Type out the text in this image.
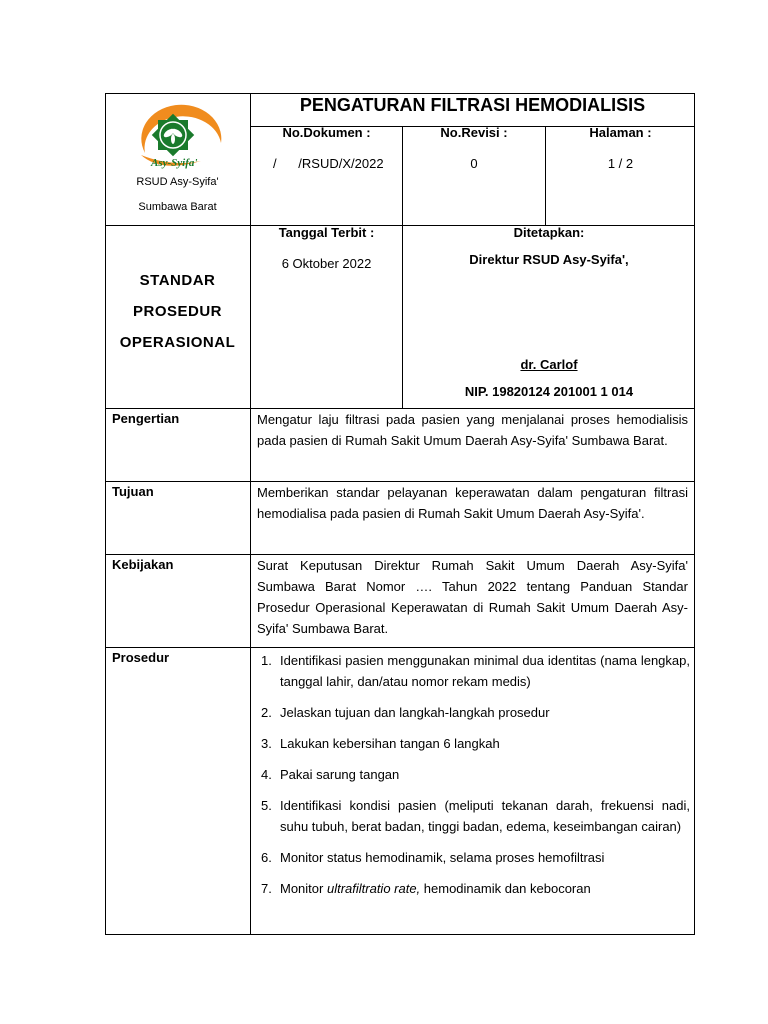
Asy-Syifa'
RSUD Asy-Syifa'
Sumbawa Barat
PENGATURAN FILTRASI HEMODIALISIS
No.Dokumen :
/      /RSUD/X/2022
No.Revisi :
0
Halaman :
1 / 2
STANDAR
PROSEDUR
OPERASIONAL
Tanggal Terbit :
6 Oktober 2022
Ditetapkan:
Direktur RSUD Asy-Syifa',
dr. Carlof
NIP. 19820124 201001 1 014
Pengertian	Mengatur laju filtrasi pada pasien yang menjalanai proses hemodialisis pada pasien di Rumah Sakit Umum Daerah Asy-Syifa' Sumbawa Barat.
Tujuan	Memberikan standar pelayanan keperawatan dalam pengaturan filtrasi hemodialisa pada pasien di Rumah Sakit Umum Daerah Asy-Syifa'.
Kebijakan	Surat Keputusan Direktur Rumah Sakit Umum Daerah Asy-Syifa' Sumbawa Barat Nomor …. Tahun 2022 tentang Panduan Standar Prosedur Operasional Keperawatan di Rumah Sakit Umum Daerah Asy-Syifa' Sumbawa Barat.
Prosedur	1. Identifikasi pasien menggunakan minimal dua identitas (nama lengkap, tanggal lahir, dan/atau nomor rekam medis)
2. Jelaskan tujuan dan langkah-langkah prosedur
3. Lakukan kebersihan tangan 6 langkah
4. Pakai sarung tangan
5. Identifikasi kondisi pasien (meliputi tekanan darah, frekuensi nadi, suhu tubuh, berat badan, tinggi badan, edema, keseimbangan cairan)
6. Monitor status hemodinamik, selama proses hemofiltrasi
7. Monitor ultrafiltratio rate, hemodinamik dan kebocoran
